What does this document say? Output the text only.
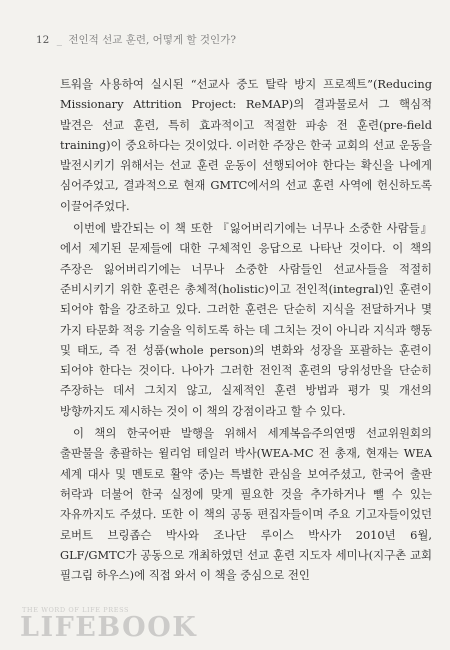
12 _ 전인적 선교 훈련, 어떻게 할 것인가?

트워을 사용하여 실시된 “선교사 중도 탈락 방지 프로젝트”(Reducing Missionary Attrition Project: ReMAP)의 결과물로서 그 핵심적 발견은 선교 훈련, 특히 효과적이고 적절한 파송 전 훈련(pre-field training)이 중요하다는 것이었다. 이러한 주장은 한국 교회의 선교 운동을 발전시키기 위해서는 선교 훈련 운동이 선행되어야 한다는 확신을 나에게 심어주었고, 결과적으로 현재 GMTC에서의 선교 훈련 사역에 헌신하도록 이끌어주었다.

이번에 발간되는 이 책 또한 『잃어버리기에는 너무나 소중한 사람들』에서 제기된 문제들에 대한 구체적인 응답으로 나타난 것이다. 이 책의 주장은 잃어버리기에는 너무나 소중한 사람들인 선교사들을 적절히 준비시키기 위한 훈련은 총체적(holistic)이고 전인적(integral)인 훈련이 되어야 함을 강조하고 있다. 그러한 훈련은 단순히 지식을 전달하거나 몇 가지 타문화 적응 기술을 익히도록 하는 데 그치는 것이 아니라 지식과 행동 및 태도, 즉 전 성품(whole person)의 변화와 성장을 포괄하는 훈련이 되어야 한다는 것이다. 나아가 그러한 전인적 훈련의 당위성만을 단순히 주장하는 데서 그치지 않고, 실제적인 훈련 방법과 평가 및 개선의 방향까지도 제시하는 것이 이 책의 강점이라고 할 수 있다.

이 책의 한국어판 발행을 위해서 세계복음주의연맹 선교위원회의 출판물을 총괄하는 윌리엄 테일러 박사(WEA-MC 전 총재, 현재는 WEA 세계 대사 및 멘토로 활약 중)는 특별한 관심을 보여주셨고, 한국어 출판 허락과 더불어 한국 실정에 맞게 필요한 것을 추가하거나 뺄 수 있는 자유까지도 주셨다. 또한 이 책의 공동 편집자들이며 주요 기고자들이었던 로버트 브링좁슨 박사와 조나단 루이스 박사가 2010년 6월, GLF/GMTC가 공동으로 개최하였던 선교 훈련 지도자 세미나(지구촌 교회 필그림 하우스)에 직접 와서 이 책을 중심으로 전인

THE WORD OF LIFE PRESS
LIFEBOOK
